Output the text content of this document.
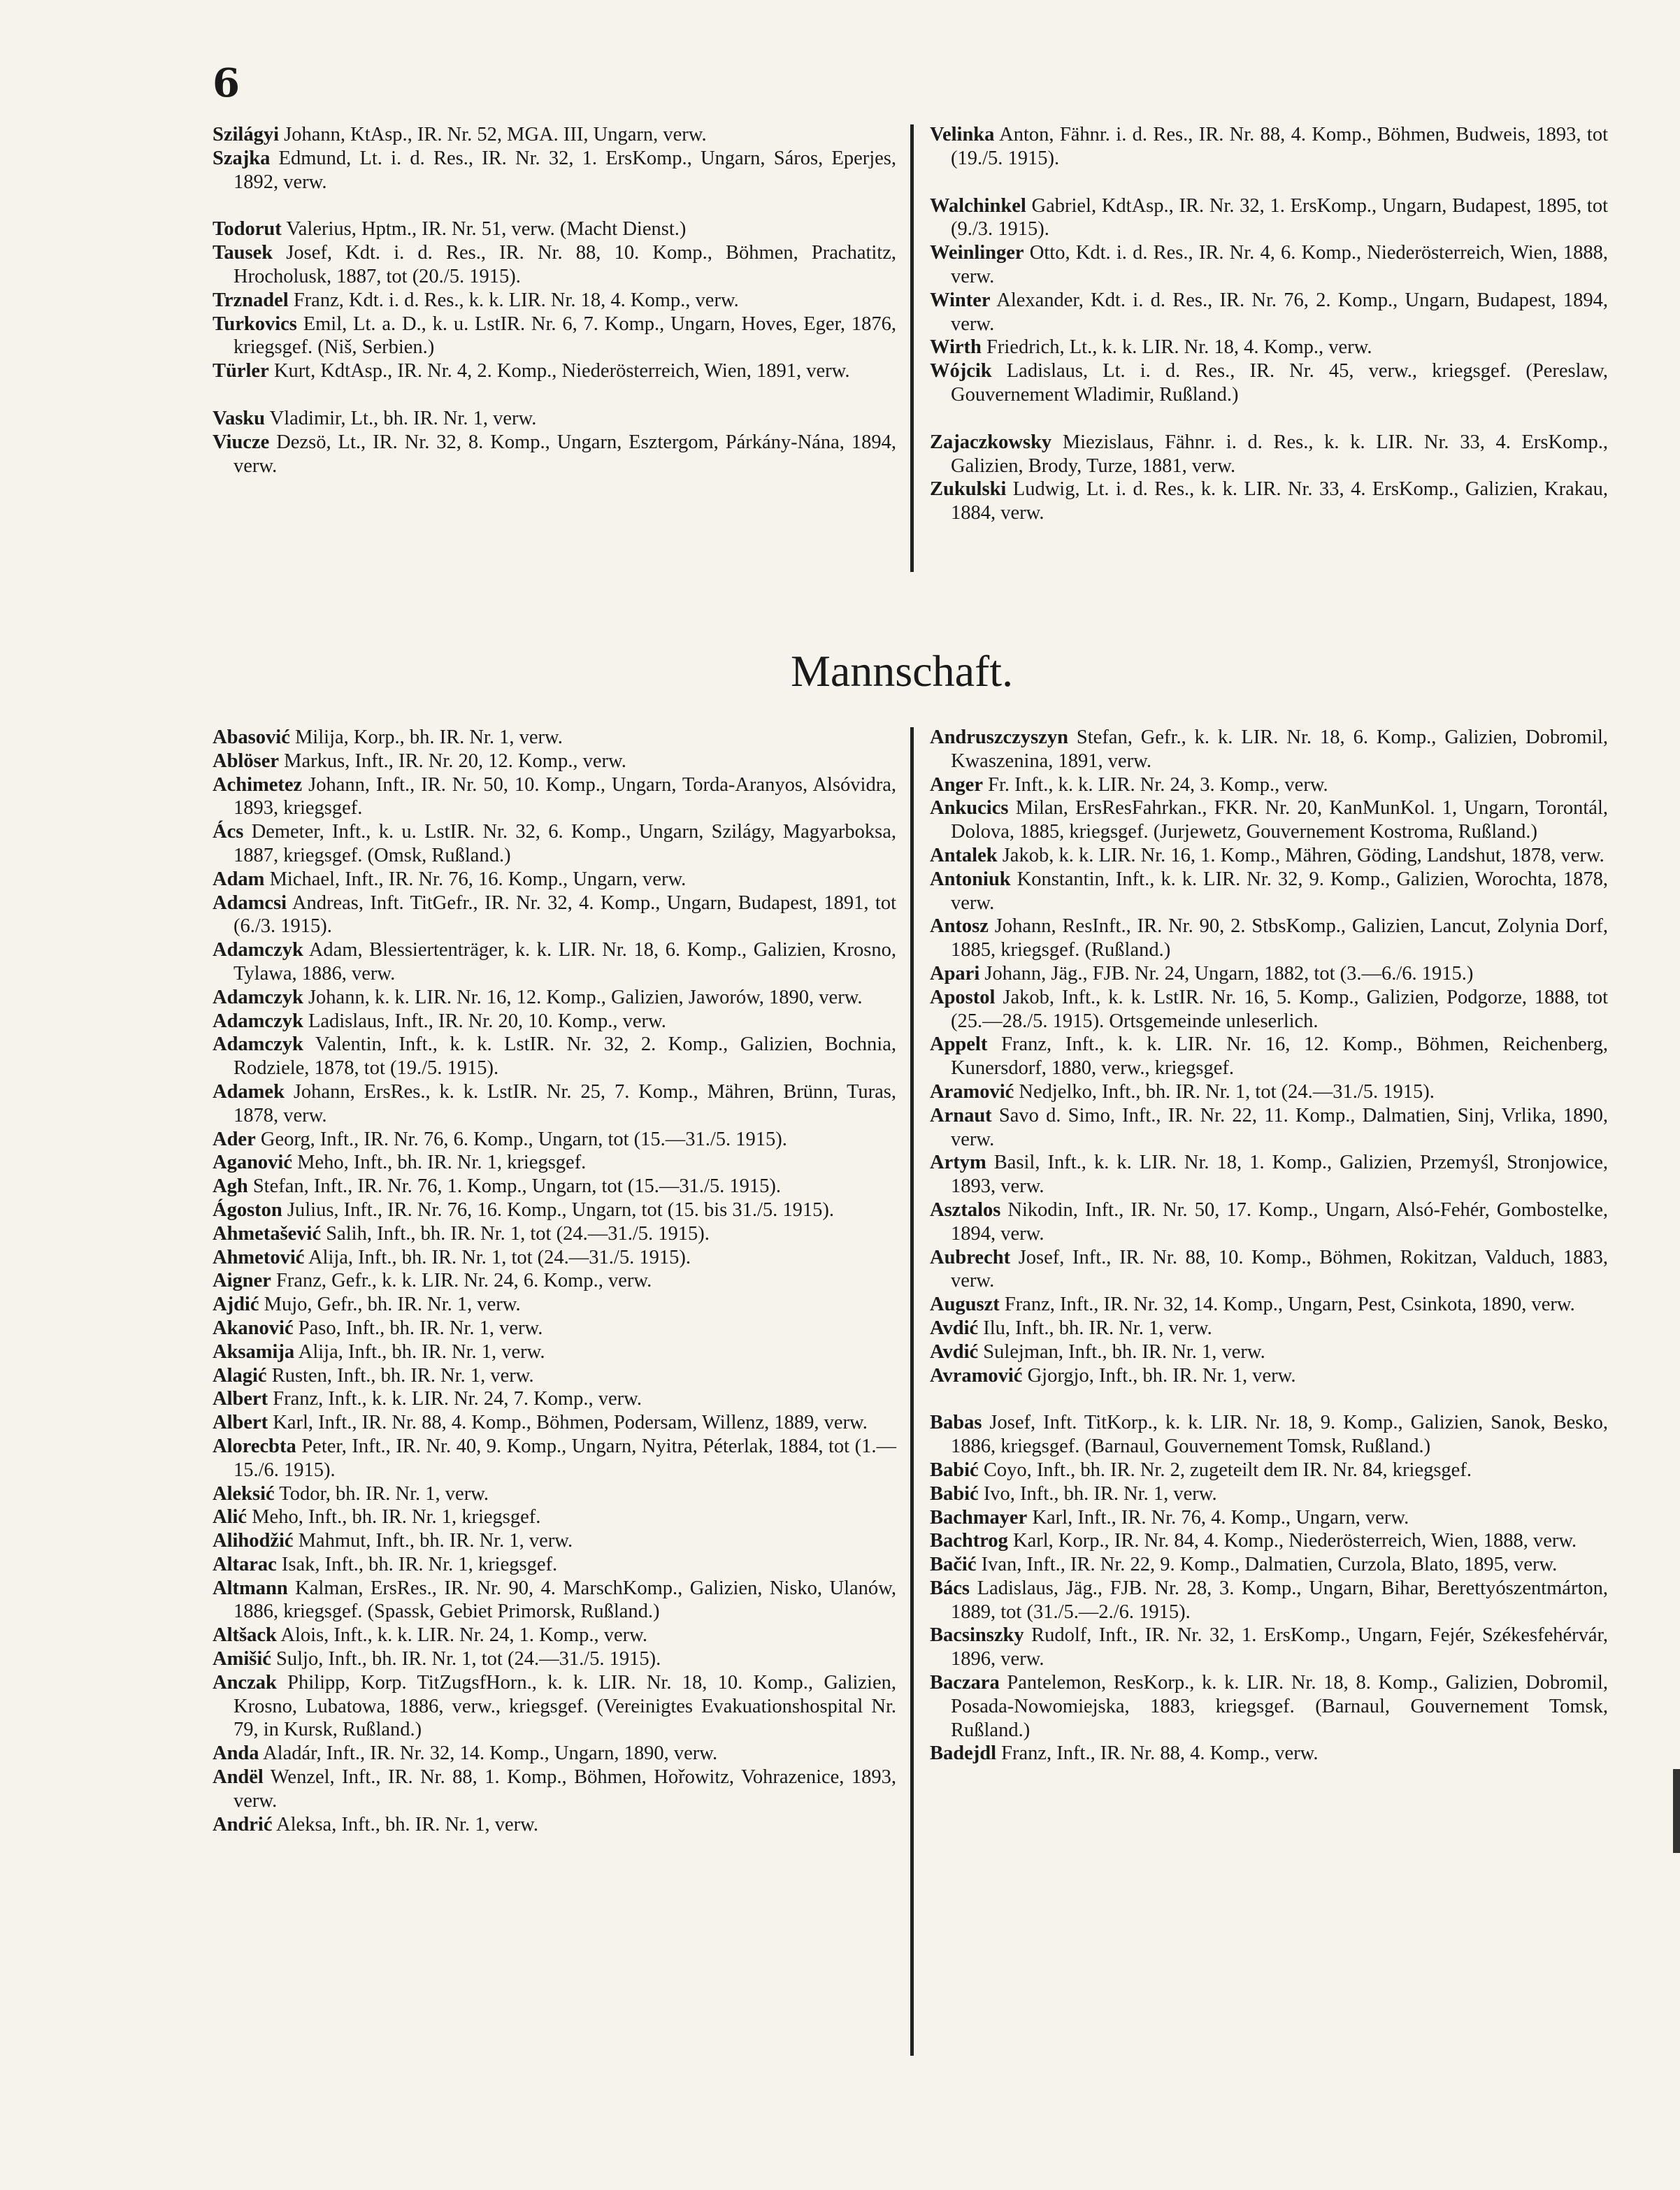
6
Szilágyi Johann, KtAsp., IR. Nr. 52, MGA. III, Ungarn, verw.
Szajka Edmund, Lt. i. d. Res., IR. Nr. 32, 1. ErsKomp., Ungarn, Sáros, Eperjes, 1892, verw.
Todorut Valerius, Hptm., IR. Nr. 51, verw. (Macht Dienst.)
Tausek Josef, Kdt. i. d. Res., IR. Nr. 88, 10. Komp., Böhmen, Prachatitz, Hrocholusk, 1887, tot (20./5. 1915).
Trznadel Franz, Kdt. i. d. Res., k. k. LIR. Nr. 18, 4. Komp., verw.
Turkovics Emil, Lt. a. D., k. u. LstIR. Nr. 6, 7. Komp., Ungarn, Hoves, Eger, 1876, kriegsgef. (Niš, Serbien.)
Türler Kurt, KdtAsp., IR. Nr. 4, 2. Komp., Niederösterreich, Wien, 1891, verw.
Vasku Vladimir, Lt., bh. IR. Nr. 1, verw.
Viucze Dezsö, Lt., IR. Nr. 32, 8. Komp., Ungarn, Esztergom, Párkány-Nána, 1894, verw.
Velinka Anton, Fähnr. i. d. Res., IR. Nr. 88, 4. Komp., Böhmen, Budweis, 1893, tot (19./5. 1915).
Walchinkel Gabriel, KdtAsp., IR. Nr. 32, 1. ErsKomp., Ungarn, Budapest, 1895, tot (9./3. 1915).
Weinlinger Otto, Kdt. i. d. Res., IR. Nr. 4, 6. Komp., Niederösterreich, Wien, 1888, verw.
Winter Alexander, Kdt. i. d. Res., IR. Nr. 76, 2. Komp., Ungarn, Budapest, 1894, verw.
Wirth Friedrich, Lt., k. k. LIR. Nr. 18, 4. Komp., verw.
Wójcik Ladislaus, Lt. i. d. Res., IR. Nr. 45, verw., kriegsgef. (Pereslaw, Gouvernement Wladimir, Rußland.)
Zajaczkowsky Miezislaus, Fähnr. i. d. Res., k. k. LIR. Nr. 33, 4. ErsKomp., Galizien, Brody, Turze, 1881, verw.
Zukulski Ludwig, Lt. i. d. Res., k. k. LIR. Nr. 33, 4. ErsKomp., Galizien, Krakau, 1884, verw.
Mannschaft.
Abasović Milija, Korp., bh. IR. Nr. 1, verw.
Ablöser Markus, Inft., IR. Nr. 20, 12. Komp., verw.
Achimetez Johann, Inft., IR. Nr. 50, 10. Komp., Ungarn, Torda-Aranyos, Alsóvidra, 1893, kriegsgef.
Ács Demeter, Inft., k. u. LstIR. Nr. 32, 6. Komp., Ungarn, Szilágy, Magyarboksa, 1887, kriegsgef. (Omsk, Rußland.)
Adam Michael, Inft., IR. Nr. 76, 16. Komp., Ungarn, verw.
Adamcsi Andreas, Inft. TitGefr., IR. Nr. 32, 4. Komp., Ungarn, Budapest, 1891, tot (6./3. 1915).
Adamczyk Adam, Blessiertenträger, k. k. LIR. Nr. 18, 6. Komp., Galizien, Krosno, Tylawa, 1886, verw.
Adamczyk Johann, k. k. LIR. Nr. 16, 12. Komp., Galizien, Jaworów, 1890, verw.
Adamczyk Ladislaus, Inft., IR. Nr. 20, 10. Komp., verw.
Adamczyk Valentin, Inft., k. k. LstIR. Nr. 32, 2. Komp., Galizien, Bochnia, Rodziele, 1878, tot (19./5. 1915).
Adamek Johann, ErsRes., k. k. LstIR. Nr. 25, 7. Komp., Mähren, Brünn, Turas, 1878, verw.
Ader Georg, Inft., IR. Nr. 76, 6. Komp., Ungarn, tot (15.—31./5. 1915).
Aganović Meho, Inft., bh. IR. Nr. 1, kriegsgef.
Agh Stefan, Inft., IR. Nr. 76, 1. Komp., Ungarn, tot (15.—31./5. 1915).
Ágoston Julius, Inft., IR. Nr. 76, 16. Komp., Ungarn, tot (15. bis 31./5. 1915).
Ahmetašević Salih, Inft., bh. IR. Nr. 1, tot (24.—31./5. 1915).
Ahmetović Alija, Inft., bh. IR. Nr. 1, tot (24.—31./5. 1915).
Aigner Franz, Gefr., k. k. LIR. Nr. 24, 6. Komp., verw.
Ajdić Mujo, Gefr., bh. IR. Nr. 1, verw.
Akanović Paso, Inft., bh. IR. Nr. 1, verw.
Aksamija Alija, Inft., bh. IR. Nr. 1, verw.
Alagić Rusten, Inft., bh. IR. Nr. 1, verw.
Albert Franz, Inft., k. k. LIR. Nr. 24, 7. Komp., verw.
Albert Karl, Inft., IR. Nr. 88, 4. Komp., Böhmen, Podersam, Willenz, 1889, verw.
Alorecbta Peter, Inft., IR. Nr. 40, 9. Komp., Ungarn, Nyitra, Péterlak, 1884, tot (1.—15./6. 1915).
Aleksić Todor, bh. IR. Nr. 1, verw.
Alić Meho, Inft., bh. IR. Nr. 1, kriegsgef.
Alihodžić Mahmut, Inft., bh. IR. Nr. 1, verw.
Altarac Isak, Inft., bh. IR. Nr. 1, kriegsgef.
Altmann Kalman, ErsRes., IR. Nr. 90, 4. MarschKomp., Galizien, Nisko, Ulanów, 1886, kriegsgef. (Spassk, Gebiet Primorsk, Rußland.)
Altšack Alois, Inft., k. k. LIR. Nr. 24, 1. Komp., verw.
Amišić Suljo, Inft., bh. IR. Nr. 1, tot (24.—31./5. 1915).
Anczak Philipp, Korp. TitZugsfHorn., k. k. LIR. Nr. 18, 10. Komp., Galizien, Krosno, Lubatowa, 1886, verw., kriegsgef. (Vereinigtes Evakuationshospital Nr. 79, in Kursk, Rußland.)
Anda Aladár, Inft., IR. Nr. 32, 14. Komp., Ungarn, 1890, verw.
Andël Wenzel, Inft., IR. Nr. 88, 1. Komp., Böhmen, Hořowitz, Vohrazenice, 1893, verw.
Andrić Aleksa, Inft., bh. IR. Nr. 1, verw.
Andruszczyszyn Stefan, Gefr., k. k. LIR. Nr. 18, 6. Komp., Galizien, Dobromil, Kwaszenina, 1891, verw.
Anger Fr. Inft., k. k. LIR. Nr. 24, 3. Komp., verw.
Ankucics Milan, ErsResFahrkan., FKR. Nr. 20, KanMunKol. 1, Ungarn, Torontál, Dolova, 1885, kriegsgef. (Jurjewetz, Gouvernement Kostroma, Rußland.)
Antalek Jakob, k. k. LIR. Nr. 16, 1. Komp., Mähren, Göding, Landshut, 1878, verw.
Antoniuk Konstantin, Inft., k. k. LIR. Nr. 32, 9. Komp., Galizien, Worochta, 1878, verw.
Antosz Johann, ResInft., IR. Nr. 90, 2. StbsKomp., Galizien, Lancut, Zolynia Dorf, 1885, kriegsgef. (Rußland.)
Apari Johann, Jäg., FJB. Nr. 24, Ungarn, 1882, tot (3.—6./6. 1915.)
Apostol Jakob, Inft., k. k. LstIR. Nr. 16, 5. Komp., Galizien, Podgorze, 1888, tot (25.—28./5. 1915). Ortsgemeinde unleserlich.
Appelt Franz, Inft., k. k. LIR. Nr. 16, 12. Komp., Böhmen, Reichenberg, Kunersdorf, 1880, verw., kriegsgef.
Aramović Nedjelko, Inft., bh. IR. Nr. 1, tot (24.—31./5. 1915).
Arnaut Savo d. Simo, Inft., IR. Nr. 22, 11. Komp., Dalmatien, Sinj, Vrlika, 1890, verw.
Artym Basil, Inft., k. k. LIR. Nr. 18, 1. Komp., Galizien, Przemyśl, Stronjowice, 1893, verw.
Asztalos Nikodin, Inft., IR. Nr. 50, 17. Komp., Ungarn, Alsó-Fehér, Gombostelke, 1894, verw.
Aubrecht Josef, Inft., IR. Nr. 88, 10. Komp., Böhmen, Rokitzan, Valduch, 1883, verw.
Auguszt Franz, Inft., IR. Nr. 32, 14. Komp., Ungarn, Pest, Csinkota, 1890, verw.
Avdić Ilu, Inft., bh. IR. Nr. 1, verw.
Avdić Sulejman, Inft., bh. IR. Nr. 1, verw.
Avramović Gjorgjo, Inft., bh. IR. Nr. 1, verw.
Babas Josef, Inft. TitKorp., k. k. LIR. Nr. 18, 9. Komp., Galizien, Sanok, Besko, 1886, kriegsgef. (Barnaul, Gouvernement Tomsk, Rußland.)
Babić Coyo, Inft., bh. IR. Nr. 2, zugeteilt dem IR. Nr. 84, kriegsgef.
Babić Ivo, Inft., bh. IR. Nr. 1, verw.
Bachmayer Karl, Inft., IR. Nr. 76, 4. Komp., Ungarn, verw.
Bachtrog Karl, Korp., IR. Nr. 84, 4. Komp., Niederösterreich, Wien, 1888, verw.
Bačić Ivan, Inft., IR. Nr. 22, 9. Komp., Dalmatien, Curzola, Blato, 1895, verw.
Bács Ladislaus, Jäg., FJB. Nr. 28, 3. Komp., Ungarn, Bihar, Berettyószentmárton, 1889, tot (31./5.—2./6. 1915).
Bacsinszky Rudolf, Inft., IR. Nr. 32, 1. ErsKomp., Ungarn, Fejér, Székesfehérvár, 1896, verw.
Baczara Pantelemon, ResKorp., k. k. LIR. Nr. 18, 8. Komp., Galizien, Dobromil, Posada-Nowomiejska, 1883, kriegsgef. (Barnaul, Gouvernement Tomsk, Rußland.)
Badejdl Franz, Inft., IR. Nr. 88, 4. Komp., verw.
